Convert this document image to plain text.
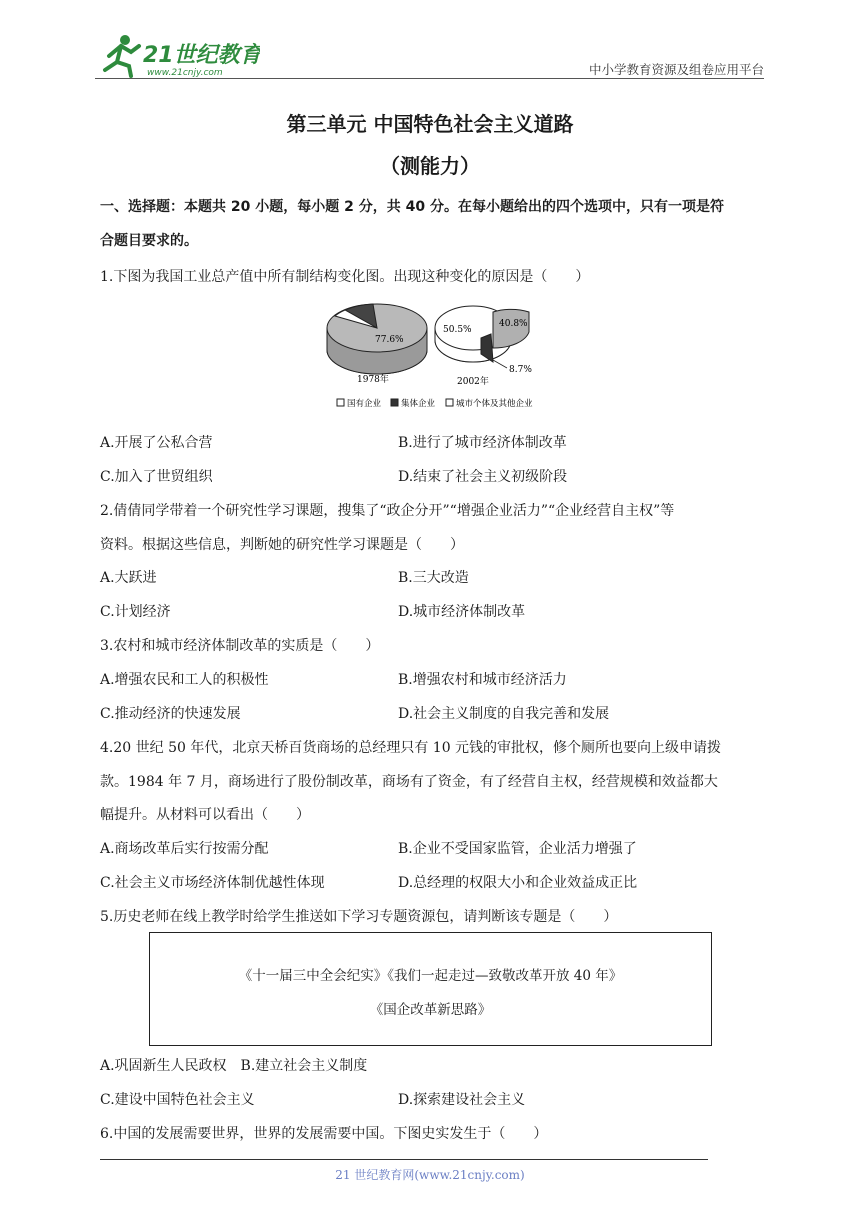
21世纪教育
www.21cnjy.com	中小学教育资源及组卷应用平台
第三单元 中国特色社会主义道路
（测能力）
一、选择题：本题共 20 小题，每小题 2 分，共 40 分。在每小题给出的四个选项中，只有一项是符
合题目要求的。
1.下图为我国工业总产值中所有制结构变化图。出现这种变化的原因是（　　）
77.6%
1978年
50.5%
40.8%
8.7%
2002年
国有企业 集体企业 城市个体及其他企业
A.开展了公私合营	B.进行了城市经济体制改革
C.加入了世贸组织	D.结束了社会主义初级阶段
2.倩倩同学带着一个研究性学习课题，搜集了“政企分开”“增强企业活力”“企业经营自主权”等
资料。根据这些信息，判断她的研究性学习课题是（　　）
A.大跃进	B.三大改造
C.计划经济	D.城市经济体制改革
3.农村和城市经济体制改革的实质是（　　）
A.增强农民和工人的积极性	B.增强农村和城市经济活力
C.推动经济的快速发展	D.社会主义制度的自我完善和发展
4.20 世纪 50 年代，北京天桥百货商场的总经理只有 10 元钱的审批权，修个厕所也要向上级申请拨
款。1984 年 7 月，商场进行了股份制改革，商场有了资金，有了经营自主权，经营规模和效益都大
幅提升。从材料可以看出（　　）
A.商场改革后实行按需分配	B.企业不受国家监管，企业活力增强了
C.社会主义市场经济体制优越性体现	D.总经理的权限大小和企业效益成正比
5.历史老师在线上教学时给学生推送如下学习专题资源包，请判断该专题是（　　）
《十一届三中全会纪实》《我们一起走过—致敬改革开放 40 年》
《国企改革新思路》
A.巩固新生人民政权　B.建立社会主义制度
C.建设中国特色社会主义	D.探索建设社会主义
6.中国的发展需要世界，世界的发展需要中国。下图史实发生于（　　）
21 世纪教育网(www.21cnjy.com)
